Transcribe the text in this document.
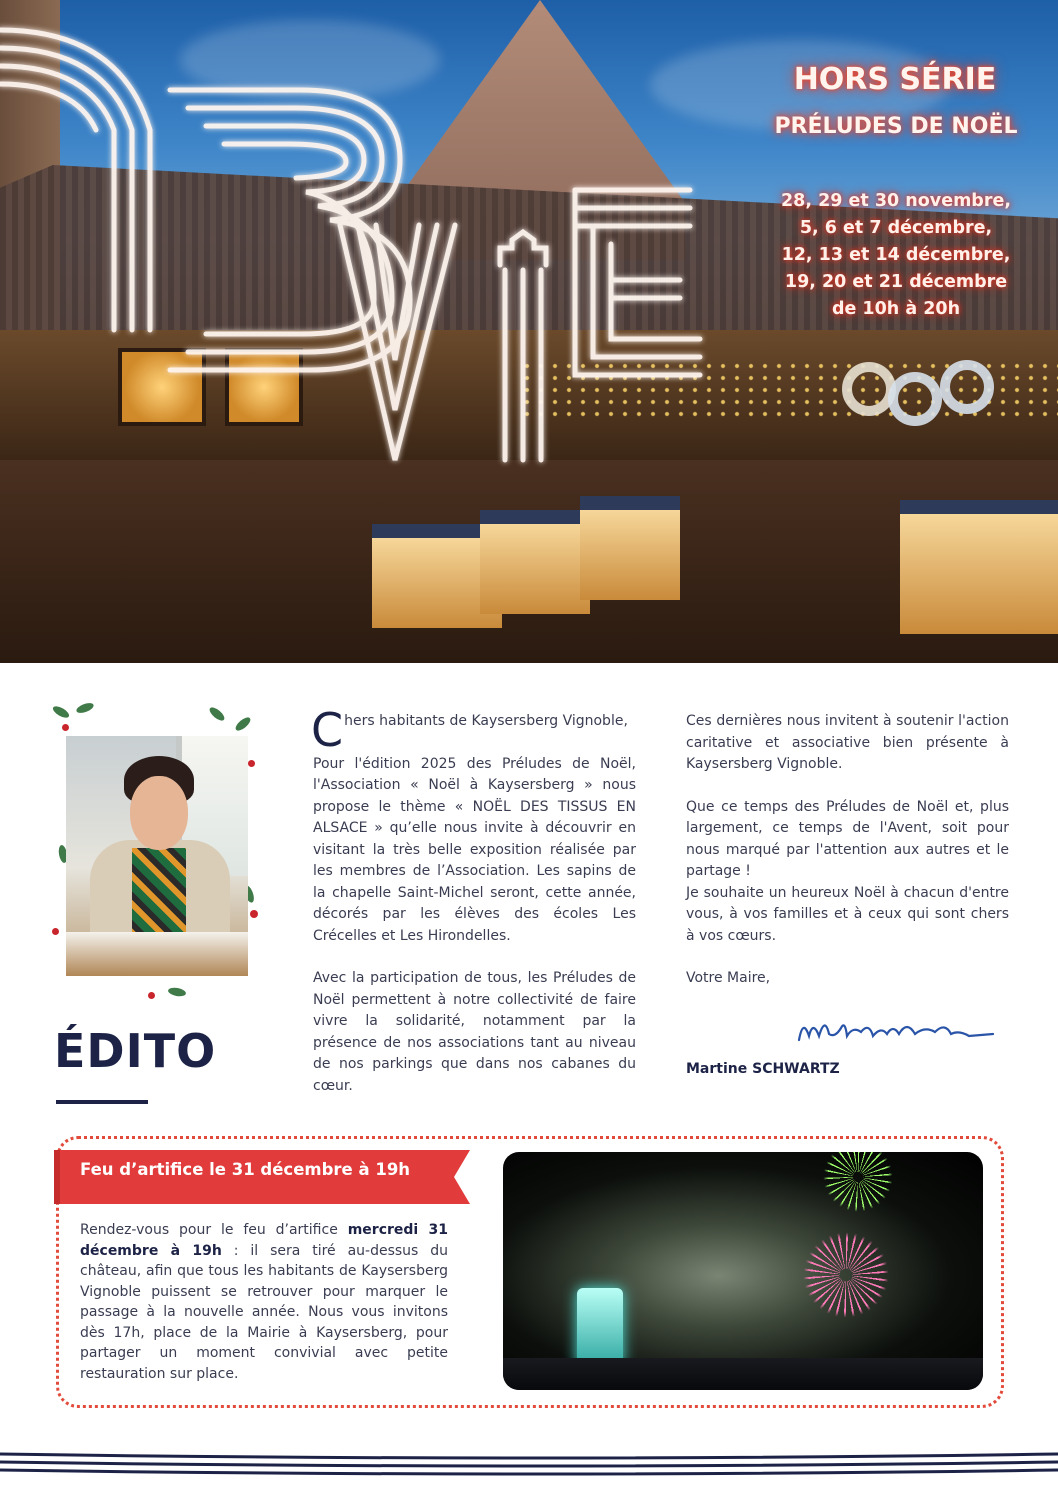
HORS SÉRIE
PRÉLUDES DE NOËL
28, 29 et 30 novembre,
5, 6 et 7 décembre,
12, 13 et 14 décembre,
19, 20 et 21 décembre
de 10h à 20h
ÉDITO

Chers habitants de Kaysersberg Vignoble,

Pour l'édition 2025 des Préludes de Noël, l'Association « Noël à Kaysersberg » nous propose le thème « NOËL DES TISSUS EN ALSACE » qu’elle nous invite à découvrir en visitant la très belle exposition réalisée par les membres de l’Association. Les sapins de la chapelle Saint-Michel seront, cette année, décorés par les élèves des écoles Les Crécelles et Les Hirondelles.

Avec la participation de tous, les Préludes de Noël permettent à notre collectivité de faire vivre la solidarité, notamment par la présence de nos associations tant au niveau de nos parkings que dans nos cabanes du cœur.

Ces dernières nous invitent à soutenir l'action caritative et associative bien présente à Kaysersberg Vignoble.

Que ce temps des Préludes de Noël et, plus largement, ce temps de l'Avent, soit pour nous marqué par l'attention aux autres et le partage !

Je souhaite un heureux Noël à chacun d'entre vous, à vos familles et à ceux qui sont chers à vos cœurs.

Votre Maire,

Martine SCHWARTZ
Feu d’artifice le 31 décembre à 19h
Rendez-vous pour le feu d’artifice mercredi 31 décembre à 19h : il sera tiré au-dessus du château, afin que tous les habitants de Kaysersberg Vignoble puissent se retrouver pour marquer le passage à la nouvelle année. Nous vous invitons dès 17h, place de la Mairie à Kaysersberg, pour partager un moment convivial avec petite restauration sur place.
